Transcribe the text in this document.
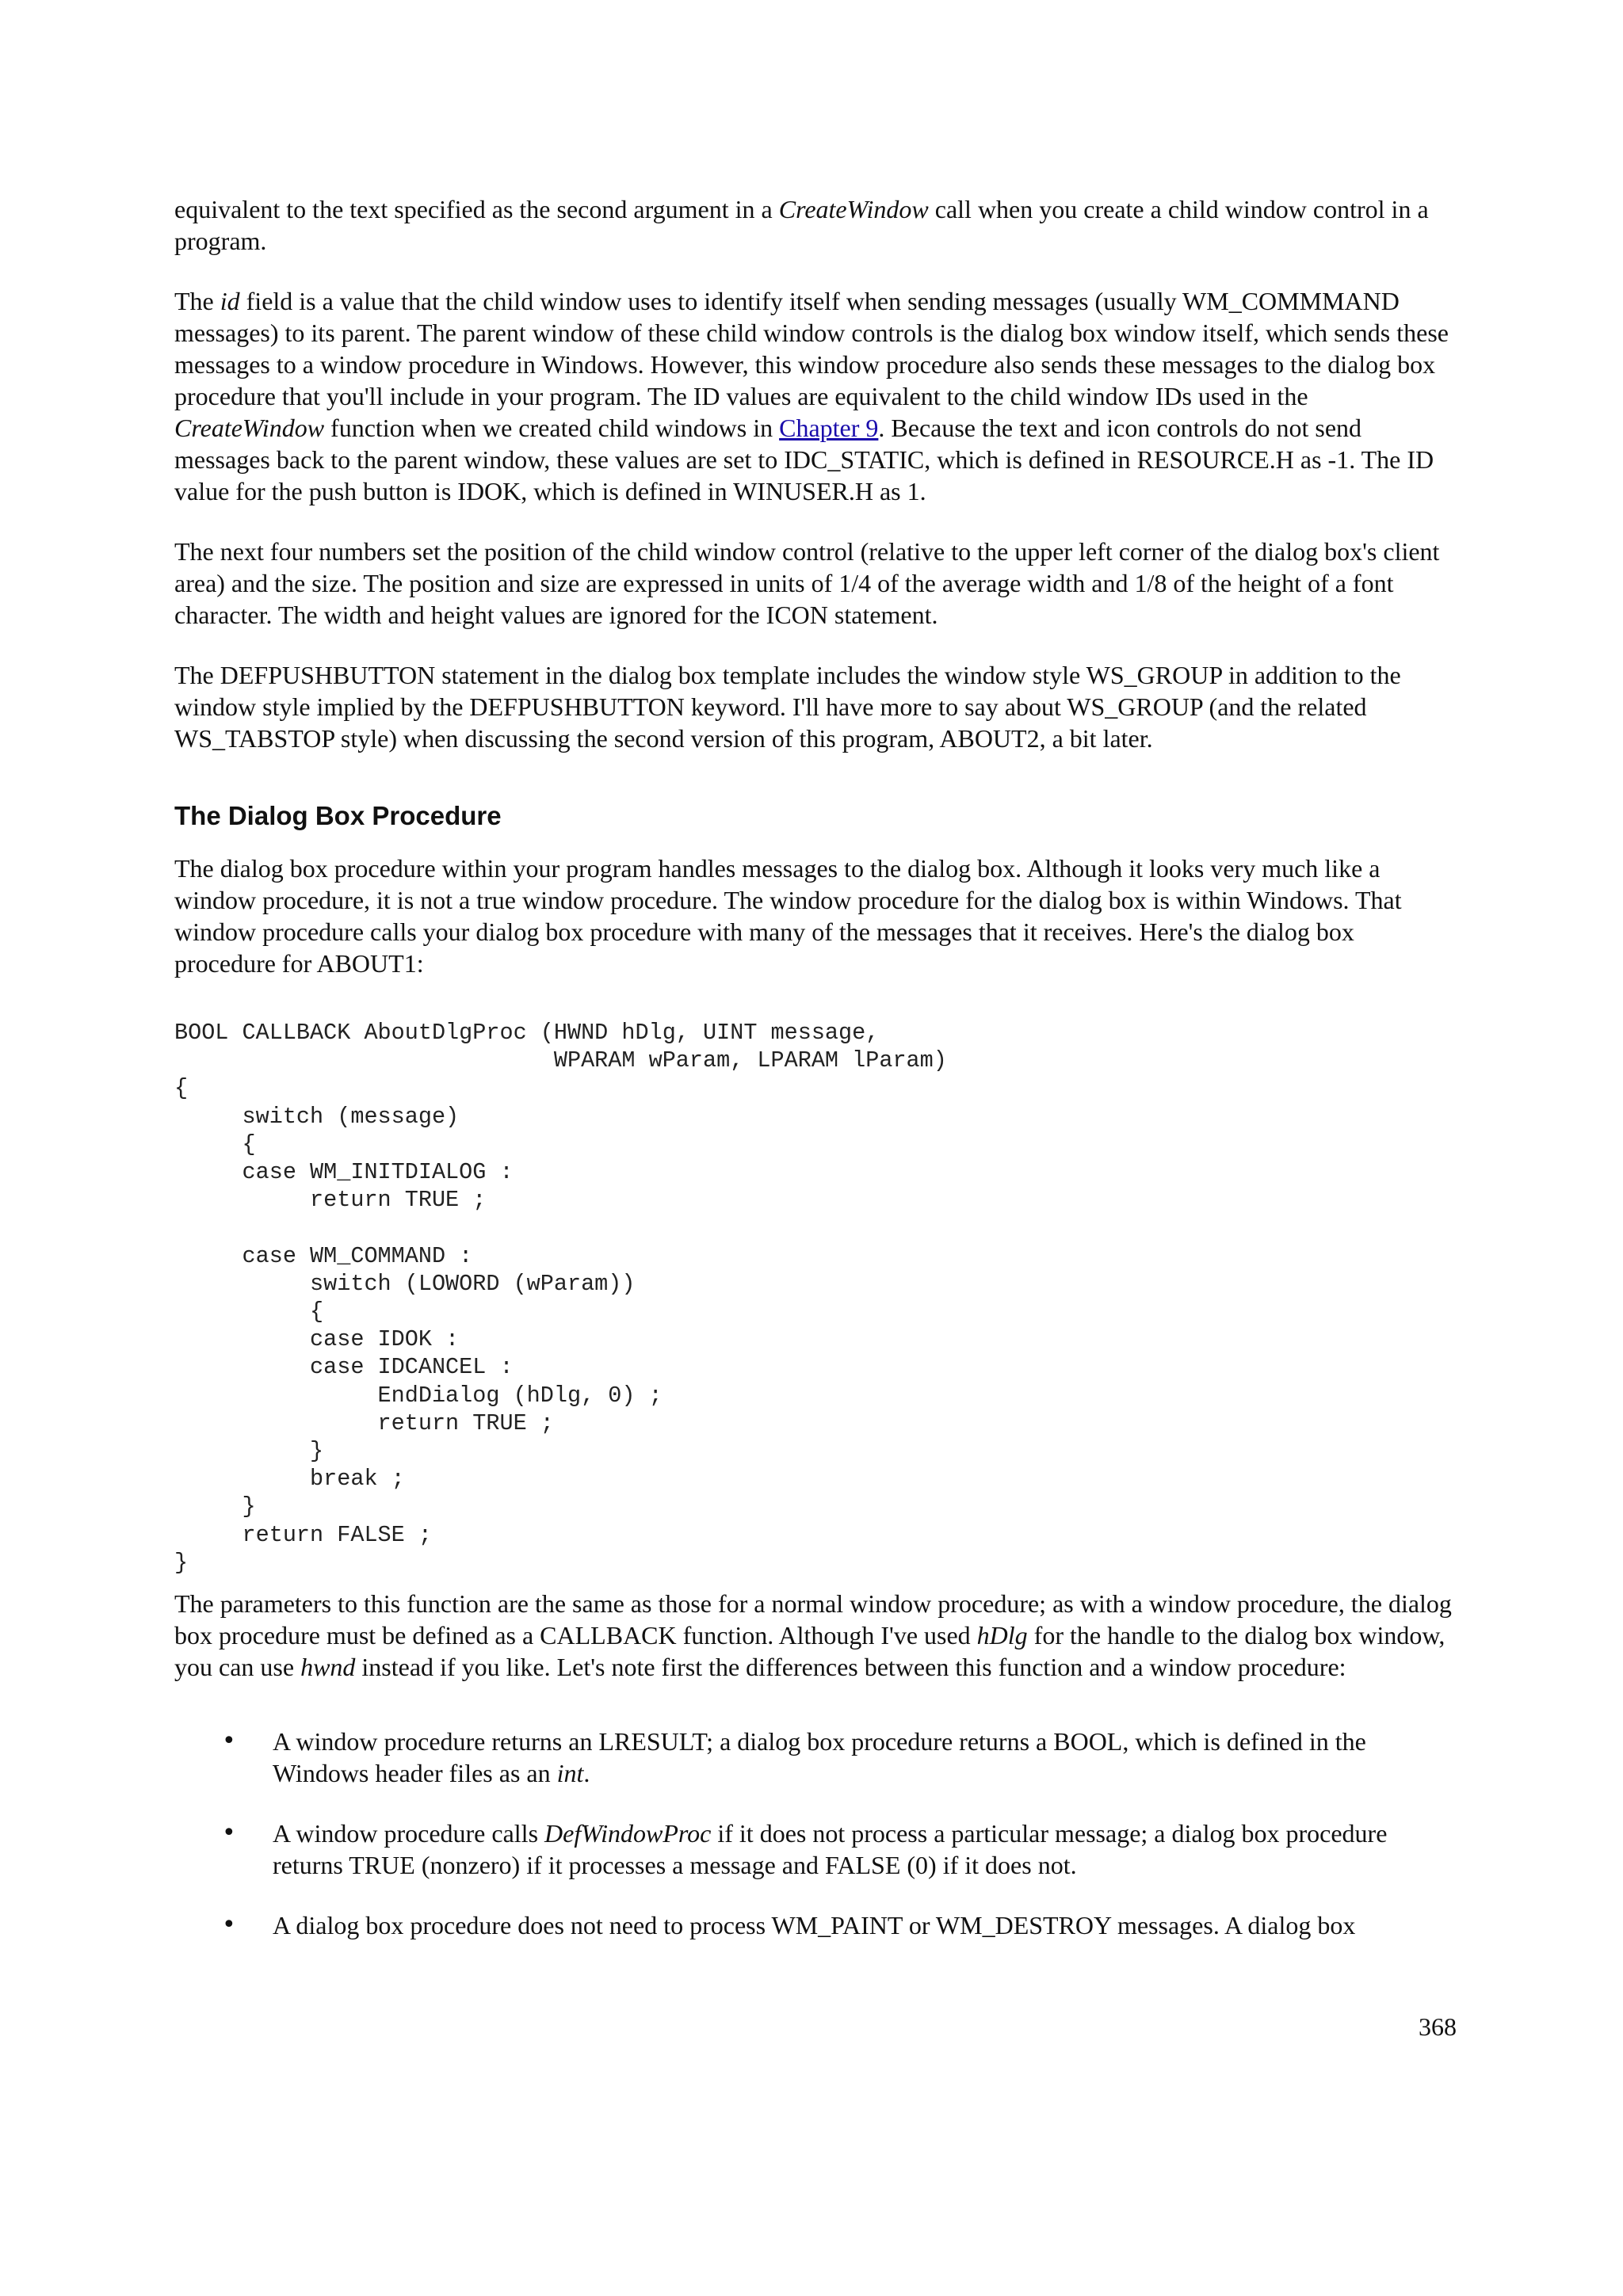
equivalent to the text specified as the second argument in a CreateWindow call when you create a child window control in a program.

The id field is a value that the child window uses to identify itself when sending messages (usually WM_COMMMAND messages) to its parent. The parent window of these child window controls is the dialog box window itself, which sends these messages to a window procedure in Windows. However, this window procedure also sends these messages to the dialog box procedure that you'll include in your program. The ID values are equivalent to the child window IDs used in the CreateWindow function when we created child windows in Chapter 9. Because the text and icon controls do not send messages back to the parent window, these values are set to IDC_STATIC, which is defined in RESOURCE.H as -1. The ID value for the push button is IDOK, which is defined in WINUSER.H as 1.

The next four numbers set the position of the child window control (relative to the upper left corner of the dialog box's client area) and the size. The position and size are expressed in units of 1/4 of the average width and 1/8 of the height of a font character. The width and height values are ignored for the ICON statement.

The DEFPUSHBUTTON statement in the dialog box template includes the window style WS_GROUP in addition to the window style implied by the DEFPUSHBUTTON keyword. I'll have more to say about WS_GROUP (and the related WS_TABSTOP style) when discussing the second version of this program, ABOUT2, a bit later.

The Dialog Box Procedure

The dialog box procedure within your program handles messages to the dialog box. Although it looks very much like a window procedure, it is not a true window procedure. The window procedure for the dialog box is within Windows. That window procedure calls your dialog box procedure with many of the messages that it receives. Here's the dialog box procedure for ABOUT1:

BOOL CALLBACK AboutDlgProc (HWND hDlg, UINT message,
WPARAM wParam, LPARAM lParam)
{
switch (message)
{
case WM_INITDIALOG :
return TRUE ;

case WM_COMMAND :
switch (LOWORD (wParam))
{
case IDOK :
case IDCANCEL :
EndDialog (hDlg, 0) ;
return TRUE ;
}
break ;
}
return FALSE ;
}

The parameters to this function are the same as those for a normal window procedure; as with a window procedure, the dialog box procedure must be defined as a CALLBACK function. Although I've used hDlg for the handle to the dialog box window, you can use hwnd instead if you like. Let's note first the differences between this function and a window procedure:

• A window procedure returns an LRESULT; a dialog box procedure returns a BOOL, which is defined in the Windows header files as an int.
• A window procedure calls DefWindowProc if it does not process a particular message; a dialog box procedure returns TRUE (nonzero) if it processes a message and FALSE (0) if it does not.
• A dialog box procedure does not need to process WM_PAINT or WM_DESTROY messages. A dialog box
368
